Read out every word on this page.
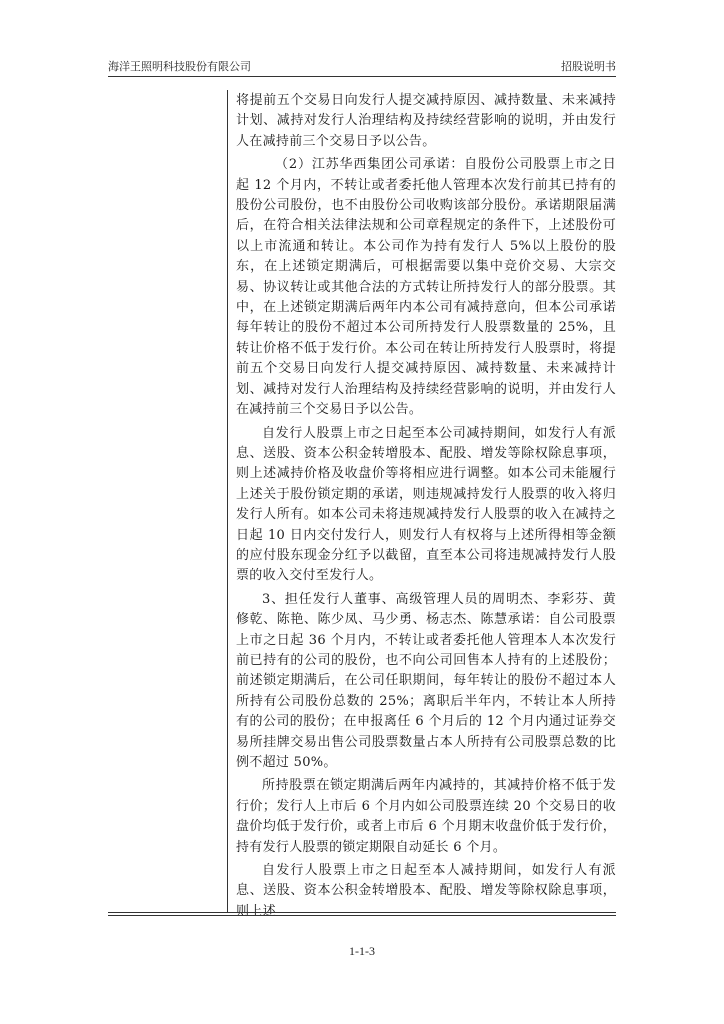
海洋王照明科技股份有限公司	招股说明书

将提前五个交易日向发行人提交减持原因、减持数量、未来减持计划、减持对发行人治理结构及持续经营影响的说明，并由发行人在减持前三个交易日予以公告。

（2）江苏华西集团公司承诺：自股份公司股票上市之日起 12 个月内，不转让或者委托他人管理本次发行前其已持有的股份公司股份，也不由股份公司收购该部分股份。承诺期限届满后，在符合相关法律法规和公司章程规定的条件下，上述股份可以上市流通和转让。本公司作为持有发行人 5%以上股份的股东，在上述锁定期满后，可根据需要以集中竞价交易、大宗交易、协议转让或其他合法的方式转让所持发行人的部分股票。其中，在上述锁定期满后两年内本公司有减持意向，但本公司承诺每年转让的股份不超过本公司所持发行人股票数量的 25%，且转让价格不低于发行价。本公司在转让所持发行人股票时，将提前五个交易日向发行人提交减持原因、减持数量、未来减持计划、减持对发行人治理结构及持续经营影响的说明，并由发行人在减持前三个交易日予以公告。

自发行人股票上市之日起至本公司减持期间，如发行人有派息、送股、资本公积金转增股本、配股、增发等除权除息事项，则上述减持价格及收盘价等将相应进行调整。如本公司未能履行上述关于股份锁定期的承诺，则违规减持发行人股票的收入将归发行人所有。如本公司未将违规减持发行人股票的收入在减持之日起 10 日内交付发行人，则发行人有权将与上述所得相等金额的应付股东现金分红予以截留，直至本公司将违规减持发行人股票的收入交付至发行人。

3、担任发行人董事、高级管理人员的周明杰、李彩芬、黄修乾、陈艳、陈少凤、马少勇、杨志杰、陈慧承诺：自公司股票上市之日起 36 个月内，不转让或者委托他人管理本人本次发行前已持有的公司的股份，也不向公司回售本人持有的上述股份；前述锁定期满后，在公司任职期间，每年转让的股份不超过本人所持有公司股份总数的 25%；离职后半年内，不转让本人所持有的公司的股份；在申报离任 6 个月后的 12 个月内通过证券交易所挂牌交易出售公司股票数量占本人所持有公司股票总数的比例不超过 50%。

所持股票在锁定期满后两年内减持的，其减持价格不低于发行价；发行人上市后 6 个月内如公司股票连续 20 个交易日的收盘价均低于发行价，或者上市后 6 个月期末收盘价低于发行价，持有发行人股票的锁定期限自动延长 6 个月。

自发行人股票上市之日起至本人减持期间，如发行人有派息、送股、资本公积金转增股本、配股、增发等除权除息事项，则上述

1-1-3
